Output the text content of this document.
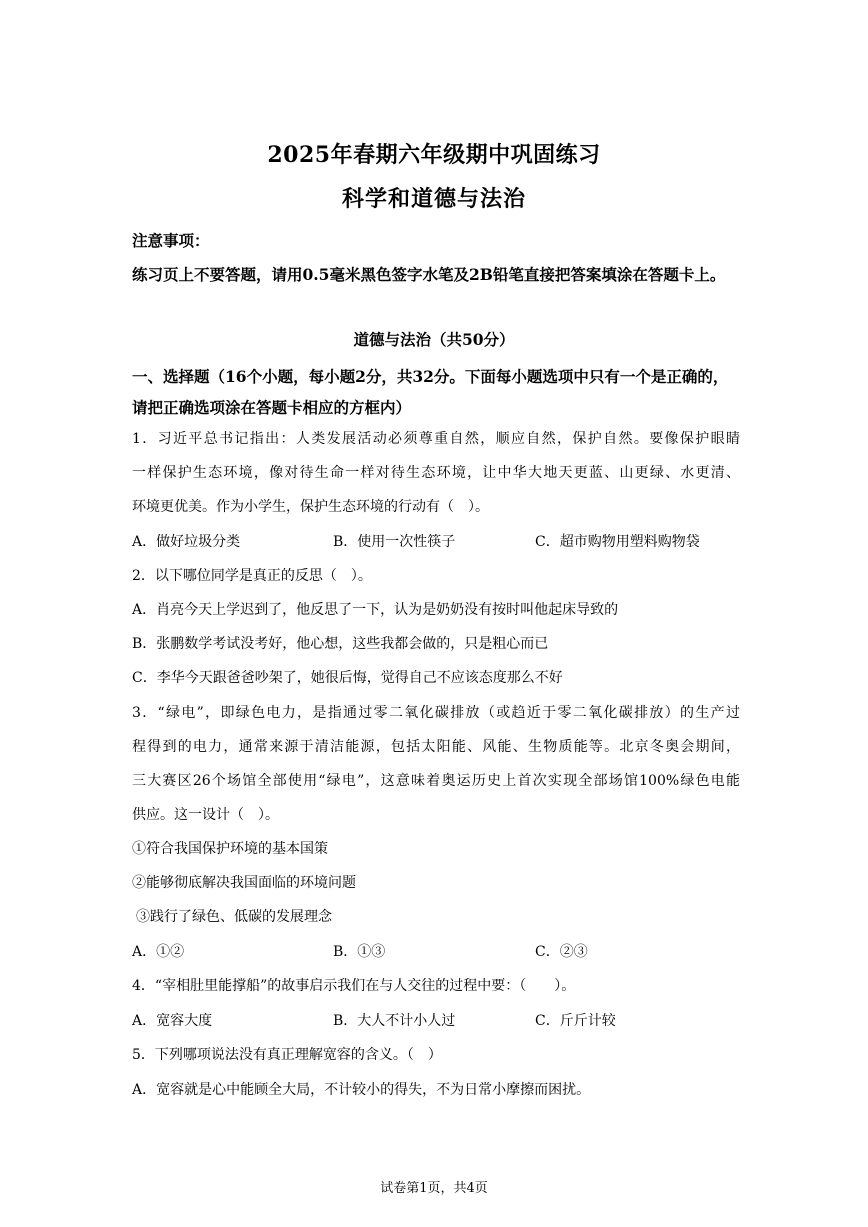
2025年春期六年级期中巩固练习
科学和道德与法治
注意事项：
练习页上不要答题，请用0.5毫米黑色签字水笔及2B铅笔直接把答案填涂在答题卡上。
道德与法治（共50分）
一、选择题（16个小题，每小题2分，共32分。下面每小题选项中只有一个是正确的，请把正确选项涂在答题卡相应的方框内）
1．习近平总书记指出：人类发展活动必须尊重自然，顺应自然，保护自然。要像保护眼睛
一样保护生态环境，像对待生命一样对待生态环境，让中华大地天更蓝、山更绿、水更清、
环境更优美。作为小学生，保护生态环境的行动有（　）。
A．做好垃圾分类	B．使用一次性筷子	C．超市购物用塑料购物袋
2．以下哪位同学是真正的反思（　）。
A．肖亮今天上学迟到了，他反思了一下，认为是奶奶没有按时叫他起床导致的
B．张鹏数学考试没考好，他心想，这些我都会做的，只是粗心而已
C．李华今天跟爸爸吵架了，她很后悔，觉得自己不应该态度那么不好
3．“绿电”，即绿色电力，是指通过零二氧化碳排放（或趋近于零二氧化碳排放）的生产过
程得到的电力，通常来源于清洁能源，包括太阳能、风能、生物质能等。北京冬奥会期间，
三大赛区26个场馆全部使用“绿电”，这意味着奥运历史上首次实现全部场馆100%绿色电能
供应。这一设计（　）。
①符合我国保护环境的基本国策
②能够彻底解决我国面临的环境问题
③践行了绿色、低碳的发展理念
A．①②	B．①③	C．②③
4．“宰相肚里能撑船”的故事启示我们在与人交往的过程中要：（　　）。
A．宽容大度	B．大人不计小人过	C．斤斤计较
5．下列哪项说法没有真正理解宽容的含义。（　）
A．宽容就是心中能顾全大局，不计较小的得失，不为日常小摩擦而困扰。
试卷第1页，共4页
